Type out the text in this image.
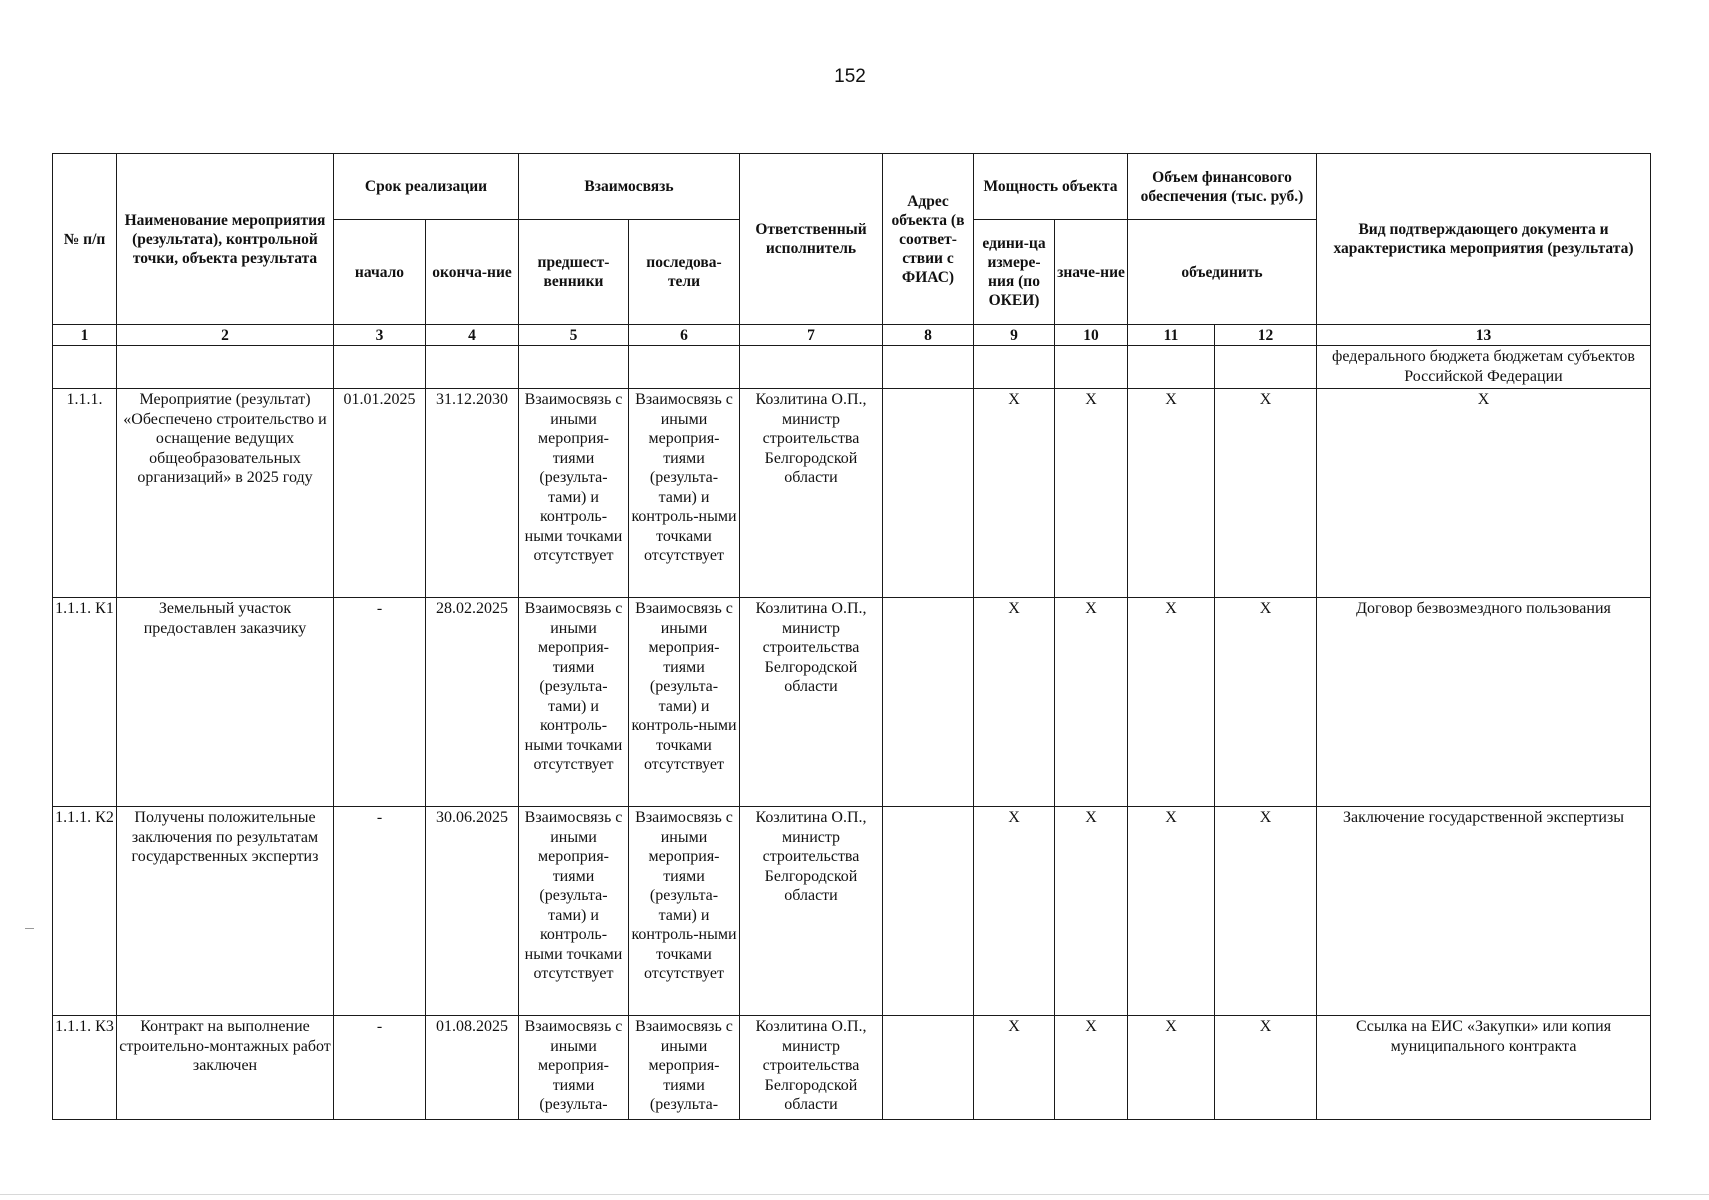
152
№ п/п	Наименование мероприятия (результата), контрольной точки, объекта результата	Срок реализации		Взаимосвязь		Ответственный исполнитель	Адрес объекта (в соответ-ствии с ФИАС)	Мощность объекта		Объем финансового обеспечения (тыс. руб.)		Вид подтверждающего документа и характеристика мероприятия (результата)
		начало	оконча-ние	предшест-венники	последова-тели			едини-ца измере-ния (по ОКЕИ)	значе-ние	объединить		
1	2	3	4	5	6	7	8	9	10	11	12	13
												федерального бюджета бюджетам субъектов Российской Федерации
1.1.1.	Мероприятие (результат) «Обеспечено строительство и оснащение ведущих общеобразовательных организаций» в 2025 году	01.01.2025	31.12.2030	Взаимосвязь с иными мероприя-тиями (результа-тами) и контроль-ными точками отсутствует	Взаимосвязь с иными мероприя-тиями (результа-тами) и контроль-ными точками отсутствует	Козлитина О.П., министр строительства Белгородской области		X	X	X	X	X
1.1.1. К1	Земельный участок предоставлен заказчику	-	28.02.2025	Взаимосвязь с иными мероприя-тиями (результа-тами) и контроль-ными точками отсутствует	Взаимосвязь с иными мероприя-тиями (результа-тами) и контроль-ными точками отсутствует	Козлитина О.П., министр строительства Белгородской области		X	X	X	X	Договор безвозмездного пользования
1.1.1. К2	Получены положительные заключения по результатам государственных экспертиз	-	30.06.2025	Взаимосвязь с иными мероприя-тиями (результа-тами) и контроль-ными точками отсутствует	Взаимосвязь с иными мероприя-тиями (результа-тами) и контроль-ными точками отсутствует	Козлитина О.П., министр строительства Белгородской области		X	X	X	X	Заключение государственной экспертизы
1.1.1. К3	Контракт на выполнение строительно-монтажных работ заключен	-	01.08.2025	Взаимосвязь с иными мероприя-тиями (результа-	Взаимосвязь с иными мероприя-тиями (результа-	Козлитина О.П., министр строительства Белгородской области		X	X	X	X	Ссылка на ЕИС «Закупки» или копия муниципального контракта
